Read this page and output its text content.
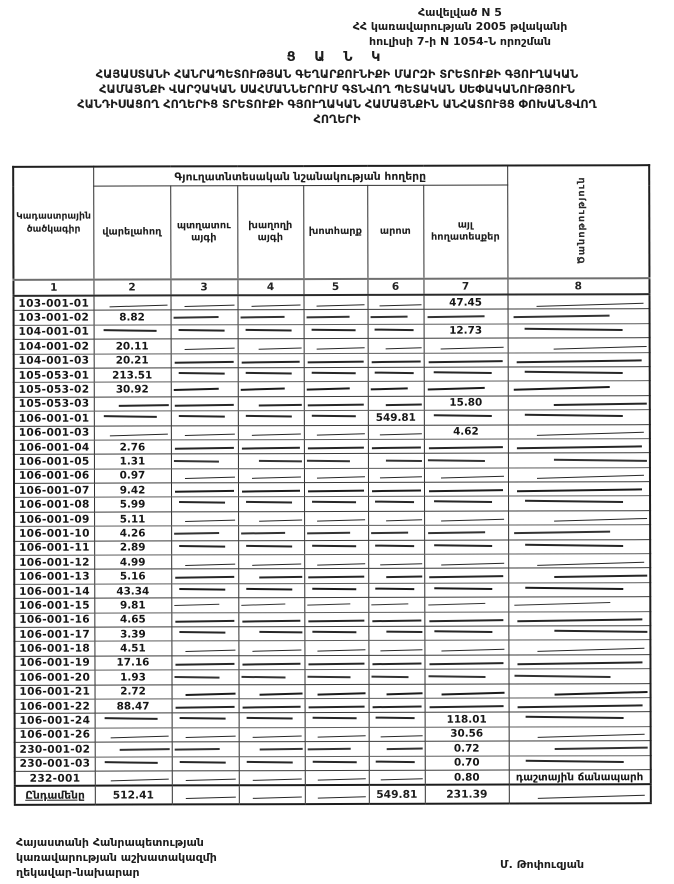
Հավելված N 5
ՀՀ կառավարության 2005 թվականի
հուլիսի 7-ի N 1054-Ն որոշման
Ց Ա Ն Կ
ՀԱՅԱՍՏԱՆԻ ՀԱՆՐԱՊԵՏՈՒԹՅԱՆ ԳԵՂԱՐՔՈՒՆԻՔԻ ՄԱՐԶԻ ՏՐԵՏՈՒՔԻ ԳՅՈՒՂԱԿԱՆ
ՀԱՄԱՅՆՔԻ ՎԱՐՉԱԿԱՆ ՍԱՀՄԱՆՆԵՐՈՒՄ ԳՏՆՎՈՂ ՊԵՏԱԿԱՆ ՍԵՓԱԿԱՆՈՒԹՅՈՒՆ
ՀԱՆԴԻՍԱՑՈՂ ՀՈՂԵՐԻՑ ՏՐԵՏՈՒՔԻ ԳՅՈՒՂԱԿԱՆ ՀԱՄԱՅՆՔԻՆ ԱՆՀԱՏՈՒՅՑ ՓՈԽԱՆՑՎՈՂ
ՀՈՂԵՐԻ
Կադաստրային ծածկագիր	Գյուղատնտեսական նշանակության հողերը						Ծանոթություն
	վարելահող	պտղատու այգի	խաղողի այգի	խոտհարք	արոտ	այլ հողատեսքեր	
1	2	3	4	5	6	7	8
103-001-01						47.45	
103-001-02	8.82						
104-001-01						12.73	
104-001-02	20.11						
104-001-03	20.21						
105-053-01	213.51						
105-053-02	30.92						
105-053-03						15.80	
106-001-01					549.81		
106-001-03						4.62	
106-001-04	2.76						
106-001-05	1.31						
106-001-06	0.97						
106-001-07	9.42						
106-001-08	5.99						
106-001-09	5.11						
106-001-10	4.26						
106-001-11	2.89						
106-001-12	4.99						
106-001-13	5.16						
106-001-14	43.34						
106-001-15	9.81						
106-001-16	4.65						
106-001-17	3.39						
106-001-18	4.51						
106-001-19	17.16						
106-001-20	1.93						
106-001-21	2.72						
106-001-22	88.47						
106-001-24						118.01	
106-001-26						30.56	
230-001-02						0.72	
230-001-03						0.70	
232-001						0.80	դաշտային ճանապարհ
Ընդամենը	512.41				549.81	231.39	
Հայաստանի Հանրապետության
կառավարության աշխատակազմի
ղեկավար-նախարար
Մ. Թոփուզյան
